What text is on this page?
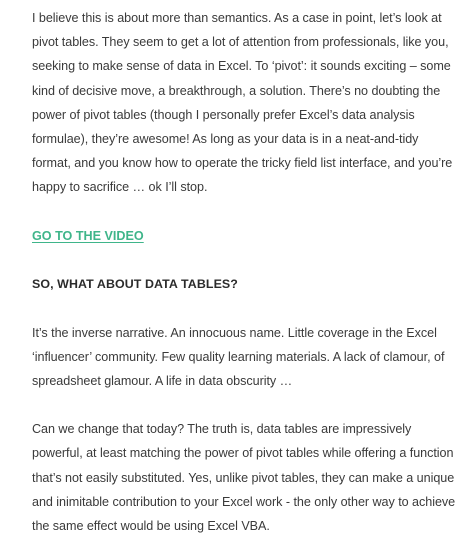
I believe this is about more than semantics. As a case in point, let’s look at pivot tables. They seem to get a lot of attention from professionals, like you, seeking to make sense of data in Excel. To ‘pivot’: it sounds exciting – some kind of decisive move, a breakthrough, a solution. There’s no doubting the power of pivot tables (though I personally prefer Excel’s data analysis formulae), they’re awesome! As long as your data is in a neat-and-tidy format, and you know how to operate the tricky field list interface, and you’re happy to sacrifice … ok I’ll stop.

GO TO THE VIDEO
SO, WHAT ABOUT DATA TABLES?

It’s the inverse narrative. An innocuous name. Little coverage in the Excel ‘influencer’ community. Few quality learning materials. A lack of clamour, of spreadsheet glamour. A life in data obscurity …

Can we change that today? The truth is, data tables are impressively powerful, at least matching the power of pivot tables while offering a function that’s not easily substituted. Yes, unlike pivot tables, they can make a unique and inimitable contribution to your Excel work - the only other way to achieve the same effect would be using Excel VBA.
